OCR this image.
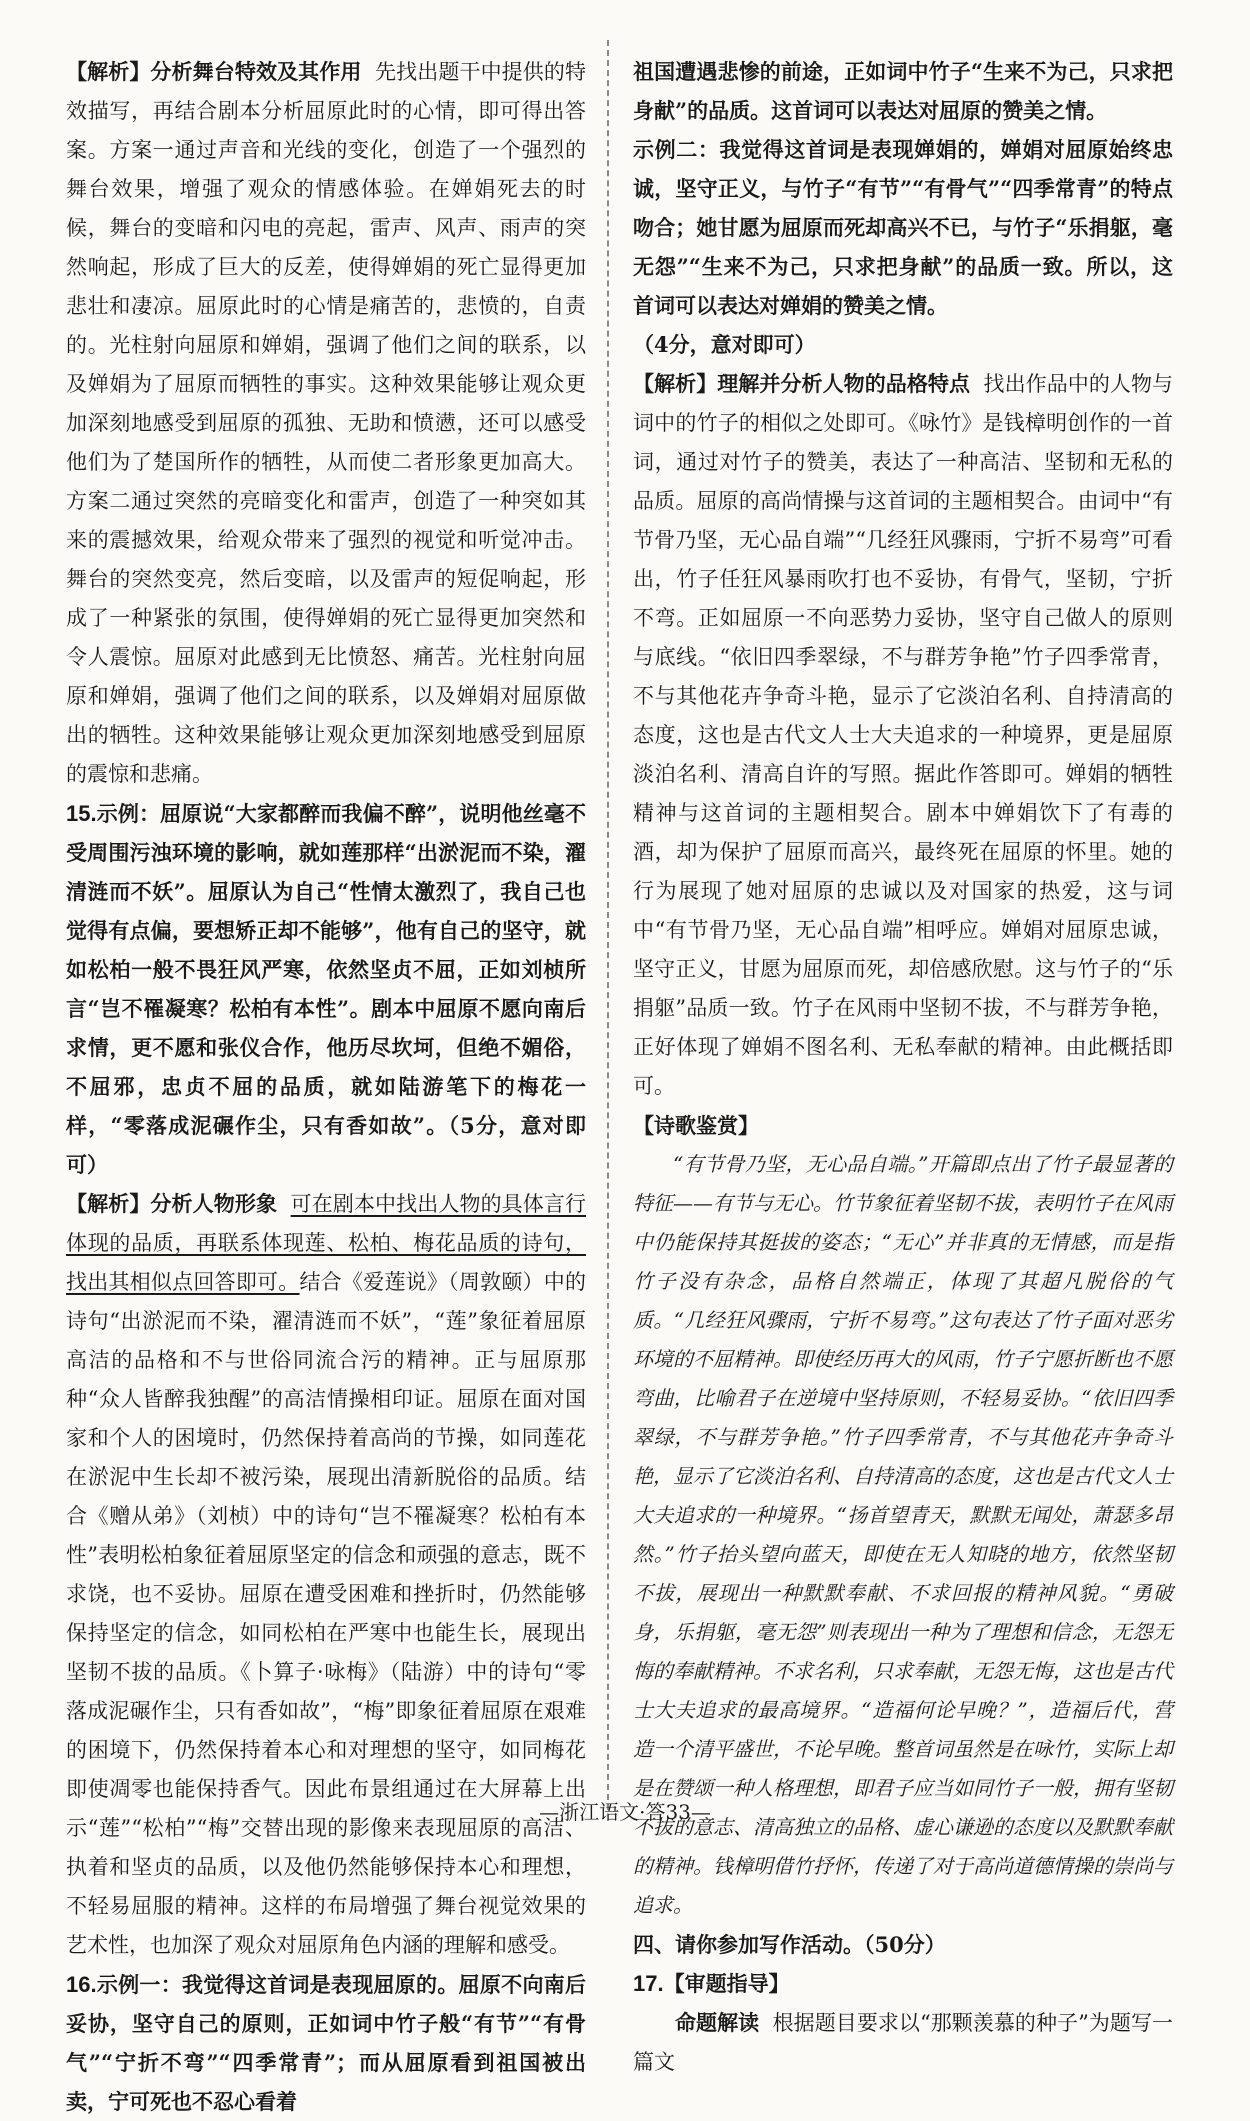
【解析】分析舞台特效及其作用 先找出题干中提供的特效描写，再结合剧本分析屈原此时的心情，即可得出答案。方案一通过声音和光线的变化，创造了一个强烈的舞台效果，增强了观众的情感体验。在婵娟死去的时候，舞台的变暗和闪电的亮起，雷声、风声、雨声的突然响起，形成了巨大的反差，使得婵娟的死亡显得更加悲壮和凄凉。屈原此时的心情是痛苦的，悲愤的，自责的。光柱射向屈原和婵娟，强调了他们之间的联系，以及婵娟为了屈原而牺牲的事实。这种效果能够让观众更加深刻地感受到屈原的孤独、无助和愤懑，还可以感受他们为了楚国所作的牺牲，从而使二者形象更加高大。方案二通过突然的亮暗变化和雷声，创造了一种突如其来的震撼效果，给观众带来了强烈的视觉和听觉冲击。舞台的突然变亮，然后变暗，以及雷声的短促响起，形成了一种紧张的氛围，使得婵娟的死亡显得更加突然和令人震惊。屈原对此感到无比愤怒、痛苦。光柱射向屈原和婵娟，强调了他们之间的联系，以及婵娟对屈原做出的牺牲。这种效果能够让观众更加深刻地感受到屈原的震惊和悲痛。

15.示例：屈原说“大家都醉而我偏不醉”，说明他丝毫不受周围污浊环境的影响，就如莲那样“出淤泥而不染，濯清涟而不妖”。屈原认为自己“性情太激烈了，我自己也觉得有点偏，要想矫正却不能够”，他有自己的坚守，就如松柏一般不畏狂风严寒，依然坚贞不屈，正如刘桢所言“岂不罹凝寒？松柏有本性”。剧本中屈原不愿向南后求情，更不愿和张仪合作，他历尽坎坷，但绝不媚俗，不屈邪，忠贞不屈的品质，就如陆游笔下的梅花一样，“零落成泥碾作尘，只有香如故”。（5分，意对即可）

【解析】分析人物形象 可在剧本中找出人物的具体言行体现的品质，再联系体现莲、松柏、梅花品质的诗句，找出其相似点回答即可。结合《爱莲说》（周敦颐）中的诗句“出淤泥而不染，濯清涟而不妖”，“莲”象征着屈原高洁的品格和不与世俗同流合污的精神。正与屈原那种“众人皆醉我独醒”的高洁情操相印证。屈原在面对国家和个人的困境时，仍然保持着高尚的节操，如同莲花在淤泥中生长却不被污染，展现出清新脱俗的品质。结合《赠从弟》（刘桢）中的诗句“岂不罹凝寒？松柏有本性”表明松柏象征着屈原坚定的信念和顽强的意志，既不求饶，也不妥协。屈原在遭受困难和挫折时，仍然能够保持坚定的信念，如同松柏在严寒中也能生长，展现出坚韧不拔的品质。《卜算子·咏梅》（陆游）中的诗句“零落成泥碾作尘，只有香如故”，“梅”即象征着屈原在艰难的困境下，仍然保持着本心和对理想的坚守，如同梅花即使凋零也能保持香气。因此布景组通过在大屏幕上出示“莲”“松柏”“梅”交替出现的影像来表现屈原的高洁、执着和坚贞的品质，以及他仍然能够保持本心和理想，不轻易屈服的精神。这样的布局增强了舞台视觉效果的艺术性，也加深了观众对屈原角色内涵的理解和感受。

16.示例一：我觉得这首词是表现屈原的。屈原不向南后妥协，坚守自己的原则，正如词中竹子般“有节”“有骨气”“宁折不弯”“四季常青”；而从屈原看到祖国被出卖，宁可死也不忍心看着

祖国遭遇悲惨的前途，正如词中竹子“生来不为己，只求把身献”的品质。这首词可以表达对屈原的赞美之情。

示例二：我觉得这首词是表现婵娟的，婵娟对屈原始终忠诚，坚守正义，与竹子“有节”“有骨气”“四季常青”的特点吻合；她甘愿为屈原而死却高兴不已，与竹子“乐捐躯，毫无怨”“生来不为己，只求把身献”的品质一致。所以，这首词可以表达对婵娟的赞美之情。

（4分，意对即可）

【解析】理解并分析人物的品格特点 找出作品中的人物与词中的竹子的相似之处即可。《咏竹》是钱樟明创作的一首词，通过对竹子的赞美，表达了一种高洁、坚韧和无私的品质。屈原的高尚情操与这首词的主题相契合。由词中“有节骨乃坚，无心品自端”“几经狂风骤雨，宁折不易弯”可看出，竹子任狂风暴雨吹打也不妥协，有骨气，坚韧，宁折不弯。正如屈原一不向恶势力妥协，坚守自己做人的原则与底线。“依旧四季翠绿，不与群芳争艳”竹子四季常青，不与其他花卉争奇斗艳，显示了它淡泊名利、自持清高的态度，这也是古代文人士大夫追求的一种境界，更是屈原淡泊名利、清高自许的写照。据此作答即可。婵娟的牺牲精神与这首词的主题相契合。剧本中婵娟饮下了有毒的酒，却为保护了屈原而高兴，最终死在屈原的怀里。她的行为展现了她对屈原的忠诚以及对国家的热爱，这与词中“有节骨乃坚，无心品自端”相呼应。婵娟对屈原忠诚，坚守正义，甘愿为屈原而死，却倍感欣慰。这与竹子的“乐捐躯”品质一致。竹子在风雨中坚韧不拔，不与群芳争艳，正好体现了婵娟不图名利、无私奉献的精神。由此概括即可。

【诗歌鉴赏】

“有节骨乃坚，无心品自端。”开篇即点出了竹子最显著的特征——有节与无心。竹节象征着坚韧不拔，表明竹子在风雨中仍能保持其挺拔的姿态；“无心”并非真的无情感，而是指竹子没有杂念，品格自然端正，体现了其超凡脱俗的气质。“几经狂风骤雨，宁折不易弯。”这句表达了竹子面对恶劣环境的不屈精神。即使经历再大的风雨，竹子宁愿折断也不愿弯曲，比喻君子在逆境中坚持原则，不轻易妥协。“依旧四季翠绿，不与群芳争艳。”竹子四季常青，不与其他花卉争奇斗艳，显示了它淡泊名利、自持清高的态度，这也是古代文人士大夫追求的一种境界。“扬首望青天，默默无闻处，萧瑟多昂然。”竹子抬头望向蓝天，即使在无人知晓的地方，依然坚韧不拔，展现出一种默默奉献、不求回报的精神风貌。“勇破身，乐捐躯，毫无怨”则表现出一种为了理想和信念，无怨无悔的奉献精神。不求名利，只求奉献，无怨无悔，这也是古代士大夫追求的最高境界。“造福何论早晚？”，造福后代，营造一个清平盛世，不论早晚。整首词虽然是在咏竹，实际上却是在赞颂一种人格理想，即君子应当如同竹子一般，拥有坚韧不拔的意志、清高独立的品格、虚心谦逊的态度以及默默奉献的精神。钱樟明借竹抒怀，传递了对于高尚道德情操的崇尚与追求。

四、请你参加写作活动。（50分）

17.【审题指导】

命题解读 根据题目要求以“那颗羡慕的种子”为题写一篇文

—浙江语文·答33—
